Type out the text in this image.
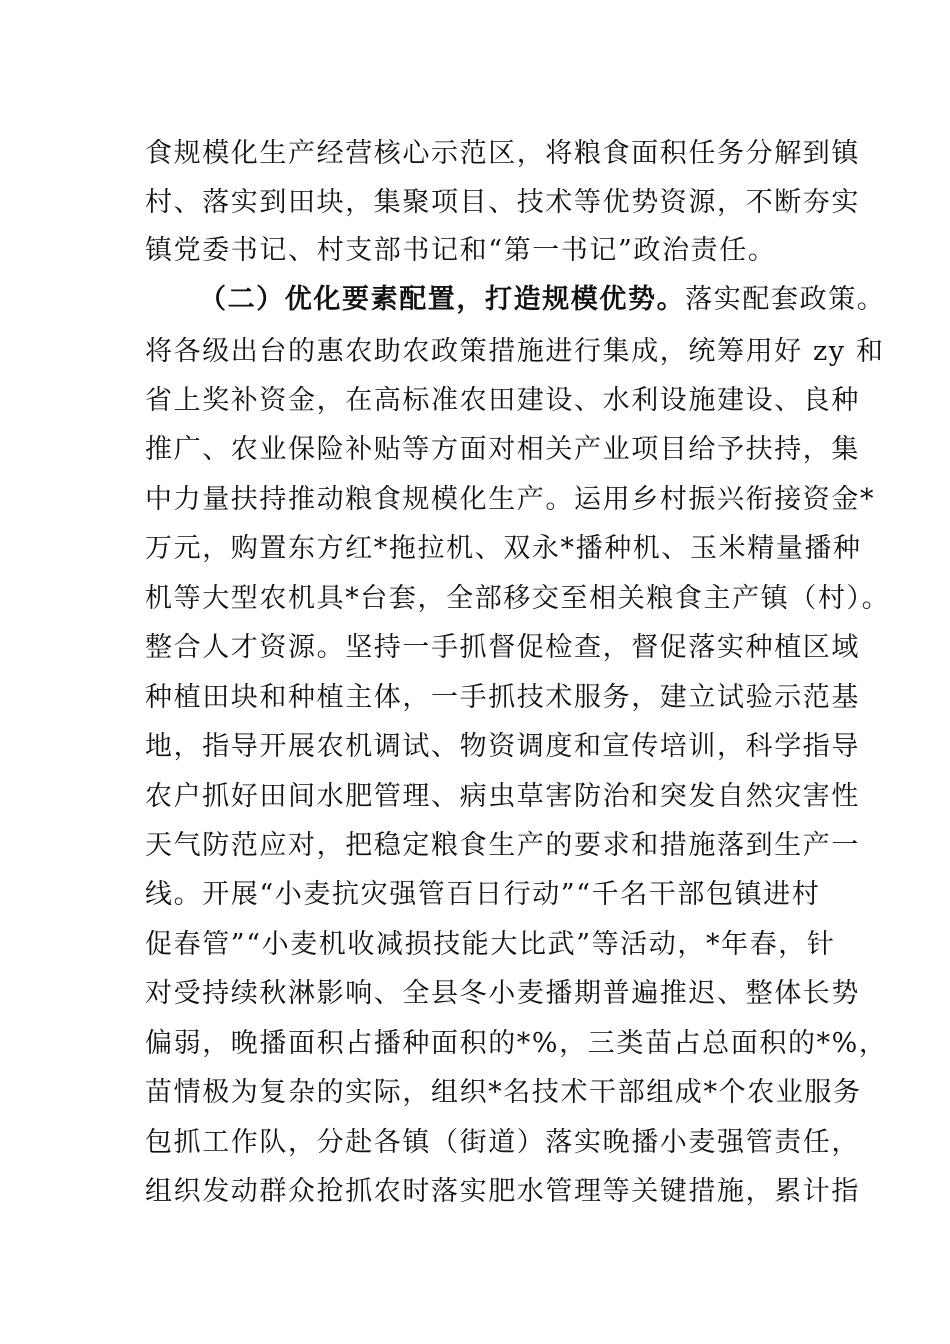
食规模化生产经营核心示范区，将粮食面积任务分解到镇
村、落实到田块，集聚项目、技术等优势资源，不断夯实
镇党委书记、村支部书记和“第一书记”政治责任。
（二）优化要素配置，打造规模优势。落实配套政策。
将各级出台的惠农助农政策措施进行集成，统筹用好 zy 和
省上奖补资金，在高标准农田建设、水利设施建设、良种
推广、农业保险补贴等方面对相关产业项目给予扶持，集
中力量扶持推动粮食规模化生产。运用乡村振兴衔接资金*
万元，购置东方红*拖拉机、双永*播种机、玉米精量播种
机等大型农机具*台套，全部移交至相关粮食主产镇（村）。
整合人才资源。坚持一手抓督促检查，督促落实种植区域
种植田块和种植主体，一手抓技术服务，建立试验示范基
地，指导开展农机调试、物资调度和宣传培训，科学指导
农户抓好田间水肥管理、病虫草害防治和突发自然灾害性
天气防范应对，把稳定粮食生产的要求和措施落到生产一
线。开展“小麦抗灾强管百日行动”“千名干部包镇进村
促春管”“小麦机收减损技能大比武”等活动，*年春，针
对受持续秋淋影响、全县冬小麦播期普遍推迟、整体长势
偏弱，晚播面积占播种面积的*%，三类苗占总面积的*%，
苗情极为复杂的实际，组织*名技术干部组成*个农业服务
包抓工作队，分赴各镇（街道）落实晚播小麦强管责任，
组织发动群众抢抓农时落实肥水管理等关键措施，累计指
